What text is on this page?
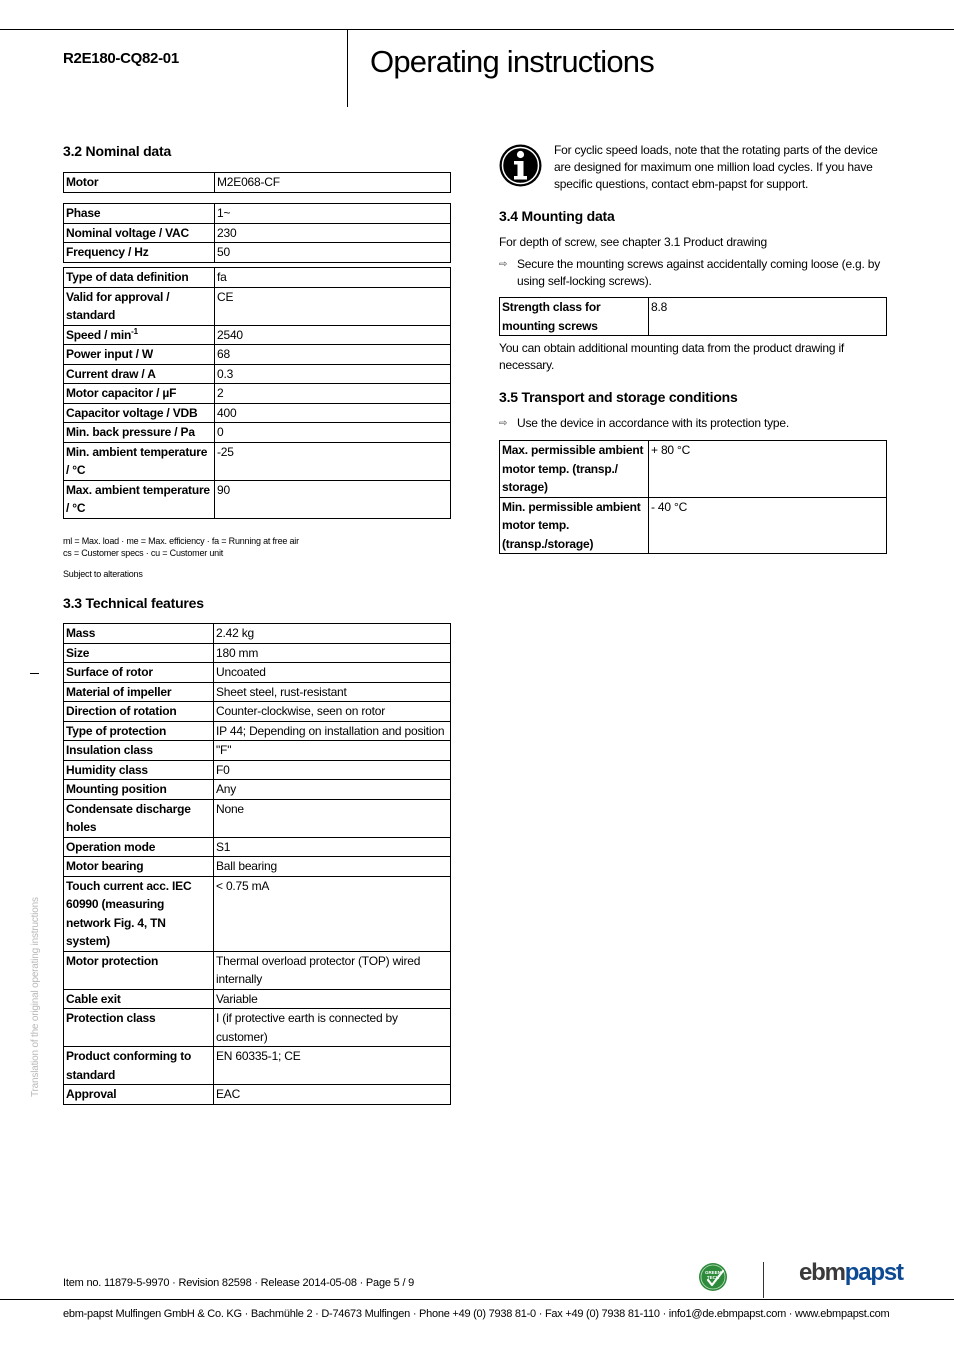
R2E180-CQ82-01	Operating instructions
Translation of the original operating instructions
3.2 Nominal data
Motor	M2E068-CF
Phase	1~
Nominal voltage / VAC	230
Frequency / Hz	50
Type of data definition	fa
Valid for approval / standard	CE
Speed / $\min^{-1}$	2540
Power input / W	68
Current draw / A	0.3
Motor capacitor / µF	2
Capacitor voltage / VDB	400
Min. back pressure / Pa	0
Min. ambient temperature / °C	-25
Max. ambient temperature / °C	90
ml = Max. load · me = Max. efficiency · fa = Running at free air
cs = Customer specs · cu = Customer unit
Subject to alterations
3.3 Technical features
Mass	2.42 kg
Size	180 mm
Surface of rotor	Uncoated
Material of impeller	Sheet steel, rust-resistant
Direction of rotation	Counter-clockwise, seen on rotor
Type of protection	IP 44; Depending on installation and position
Insulation class	"F"
Humidity class	F0
Mounting position	Any
Condensate discharge holes	None
Operation mode	S1
Motor bearing	Ball bearing
Touch current acc. IEC 60990 (measuring network Fig. 4, TN system)	< 0.75 mA
Motor protection	Thermal overload protector (TOP) wired internally
Cable exit	Variable
Protection class	I (if protective earth is connected by customer)
Product conforming to standard	EN 60335-1; CE
Approval	EAC
For cyclic speed loads, note that the rotating parts of the device are designed for maximum one million load cycles. If you have specific questions, contact ebm-papst for support.
3.4 Mounting data
For depth of screw, see chapter 3.1 Product drawing
⇨ Secure the mounting screws against accidentally coming loose (e.g. by using self-locking screws).
Strength class for mounting screws	8.8
You can obtain additional mounting data from the product drawing if necessary.
3.5 Transport and storage conditions
⇨ Use the device in accordance with its protection type.
Max. permissible ambient motor temp. (transp./ storage)	+ 80 °C
Min. permissible ambient motor temp. (transp./storage)	- 40 °C
Item no. 11879-5-9970 · Revision 82598 · Release 2014-05-08 · Page 5 / 9
GREEN
TECH	ebmpapst
ebm-papst Mulfingen GmbH & Co. KG · Bachmühle 2 · D-74673 Mulfingen · Phone +49 (0) 7938 81-0 · Fax +49 (0) 7938 81-110 · info1@de.ebmpapst.com · www.ebmpapst.com
